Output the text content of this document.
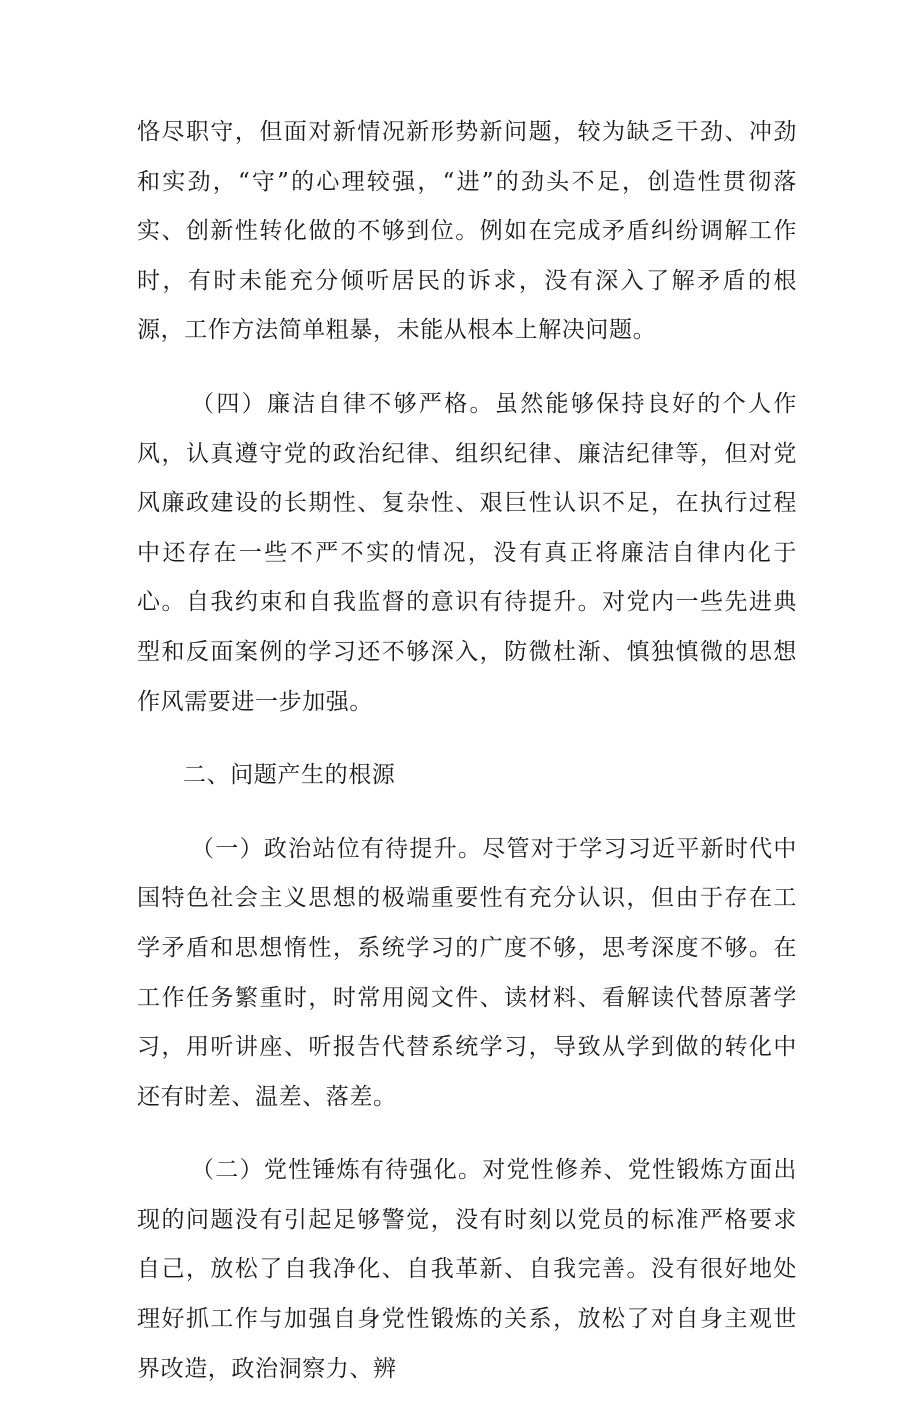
恪尽职守，但面对新情况新形势新问题，较为缺乏干劲、冲劲和实劲，“守”的心理较强，“进”的劲头不足，创造性贯彻落实、创新性转化做的不够到位。例如在完成矛盾纠纷调解工作时，有时未能充分倾听居民的诉求，没有深入了解矛盾的根源，工作方法简单粗暴，未能从根本上解决问题。

（四）廉洁自律不够严格。虽然能够保持良好的个人作风，认真遵守党的政治纪律、组织纪律、廉洁纪律等，但对党风廉政建设的长期性、复杂性、艰巨性认识不足，在执行过程中还存在一些不严不实的情况，没有真正将廉洁自律内化于心。自我约束和自我监督的意识有待提升。对党内一些先进典型和反面案例的学习还不够深入，防微杜渐、慎独慎微的思想作风需要进一步加强。

二、问题产生的根源

（一）政治站位有待提升。尽管对于学习习近平新时代中国特色社会主义思想的极端重要性有充分认识，但由于存在工学矛盾和思想惰性，系统学习的广度不够，思考深度不够。在工作任务繁重时，时常用阅文件、读材料、看解读代替原著学习，用听讲座、听报告代替系统学习，导致从学到做的转化中还有时差、温差、落差。

（二）党性锤炼有待强化。对党性修养、党性锻炼方面出现的问题没有引起足够警觉，没有时刻以党员的标准严格要求自己，放松了自我净化、自我革新、自我完善。没有很好地处理好抓工作与加强自身党性锻炼的关系，放松了对自身主观世界改造，政治洞察力、辨
